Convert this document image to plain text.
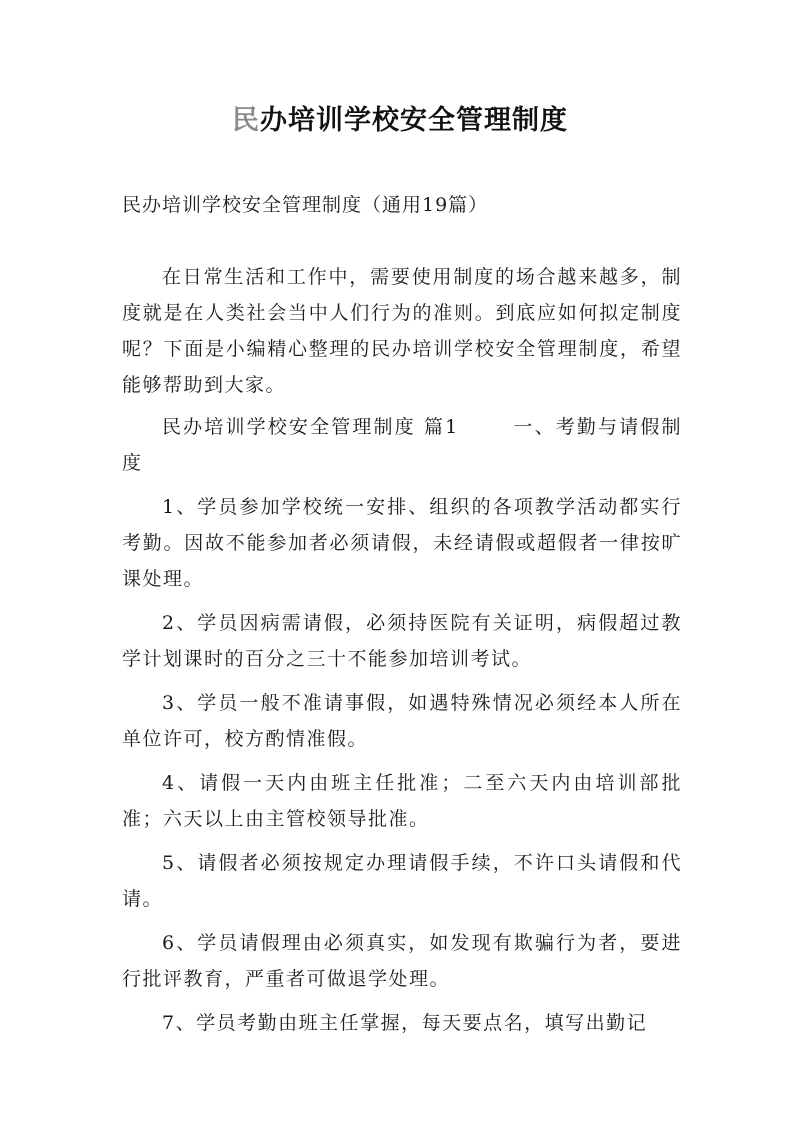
民办培训学校安全管理制度
民办培训学校安全管理制度（通用19篇）

在日常生活和工作中，需要使用制度的场合越来越多，制度就是在人类社会当中人们行为的准则。到底应如何拟定制度呢？下面是小编精心整理的民办培训学校安全管理制度，希望能够帮助到大家。

民办培训学校安全管理制度 篇1	一、考勤与请假制度

1、学员参加学校统一安排、组织的各项教学活动都实行考勤。因故不能参加者必须请假，未经请假或超假者一律按旷课处理。

2、学员因病需请假，必须持医院有关证明，病假超过教学计划课时的百分之三十不能参加培训考试。

3、学员一般不准请事假，如遇特殊情况必须经本人所在单位许可，校方酌情准假。

4、请假一天内由班主任批准；二至六天内由培训部批准；六天以上由主管校领导批准。

5、请假者必须按规定办理请假手续，不许口头请假和代请。

6、学员请假理由必须真实，如发现有欺骗行为者，要进行批评教育，严重者可做退学处理。

7、学员考勤由班主任掌握，每天要点名，填写出勤记
